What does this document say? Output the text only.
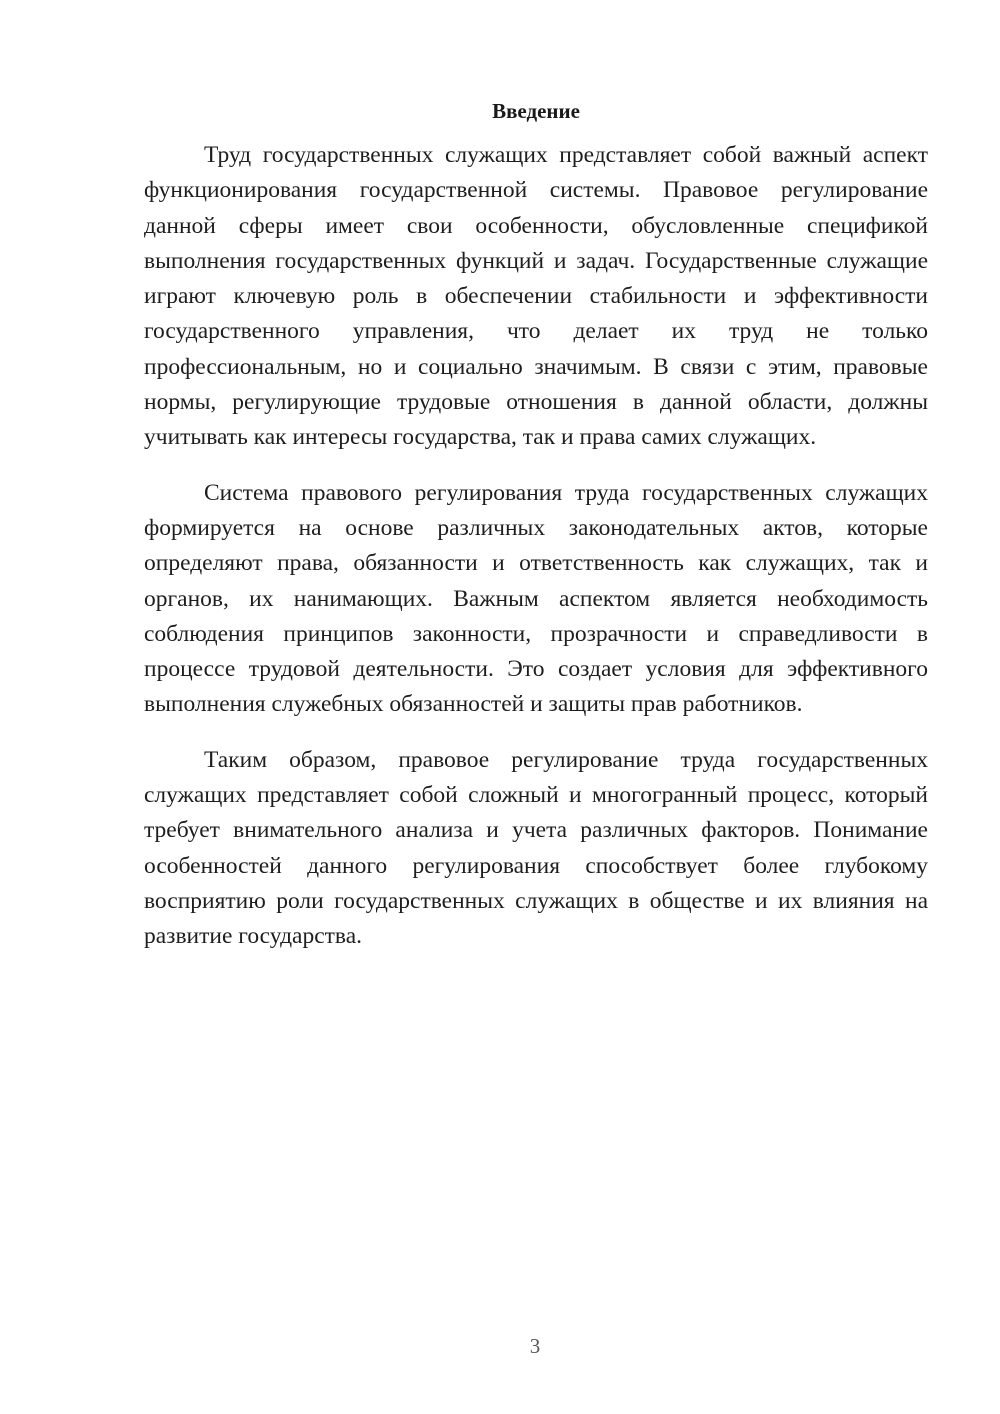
Введение

Труд государственных служащих представляет собой важный аспект функционирования государственной системы. Правовое регулирование данной сферы имеет свои особенности, обусловленные спецификой выполнения государственных функций и задач. Государственные служащие играют ключевую роль в обеспечении стабильности и эффективности государственного управления, что делает их труд не только профессиональным, но и социально значимым. В связи с этим, правовые нормы, регулирующие трудовые отношения в данной области, должны учитывать как интересы государства, так и права самих служащих.

Система правового регулирования труда государственных служащих формируется на основе различных законодательных актов, которые определяют права, обязанности и ответственность как служащих, так и органов, их нанимающих. Важным аспектом является необходимость соблюдения принципов законности, прозрачности и справедливости в процессе трудовой деятельности. Это создает условия для эффективного выполнения служебных обязанностей и защиты прав работников.

Таким образом, правовое регулирование труда государственных служащих представляет собой сложный и многогранный процесс, который требует внимательного анализа и учета различных факторов. Понимание особенностей данного регулирования способствует более глубокому восприятию роли государственных служащих в обществе и их влияния на развитие государства.

3
